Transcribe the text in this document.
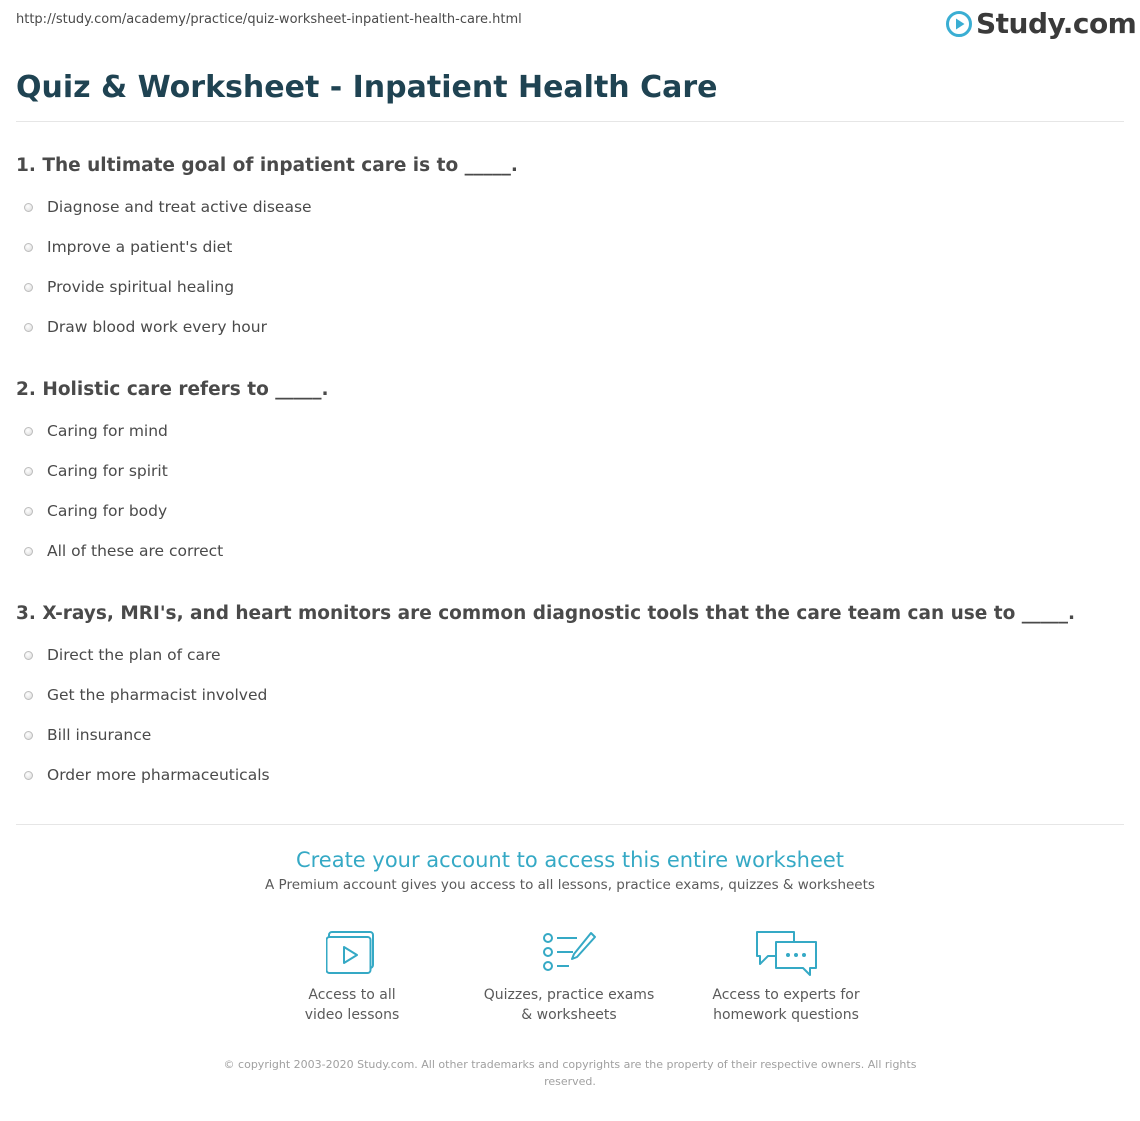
http://study.com/academy/practice/quiz-worksheet-inpatient-health-care.html	Study.com
Quiz & Worksheet - Inpatient Health Care
1. The ultimate goal of inpatient care is to _____.
Diagnose and treat active disease
Improve a patient's diet
Provide spiritual healing
Draw blood work every hour
2. Holistic care refers to _____.
Caring for mind
Caring for spirit
Caring for body
All of these are correct
3. X-rays, MRI's, and heart monitors are common diagnostic tools that the care team can use to _____.
Direct the plan of care
Get the pharmacist involved
Bill insurance
Order more pharmaceuticals
Create your account to access this entire worksheet
A Premium account gives you access to all lessons, practice exams, quizzes & worksheets
Access to all
video lessons
Quizzes, practice exams
& worksheets
Access to experts for
homework questions
© copyright 2003-2020 Study.com. All other trademarks and copyrights are the property of their respective owners. All rights reserved.
